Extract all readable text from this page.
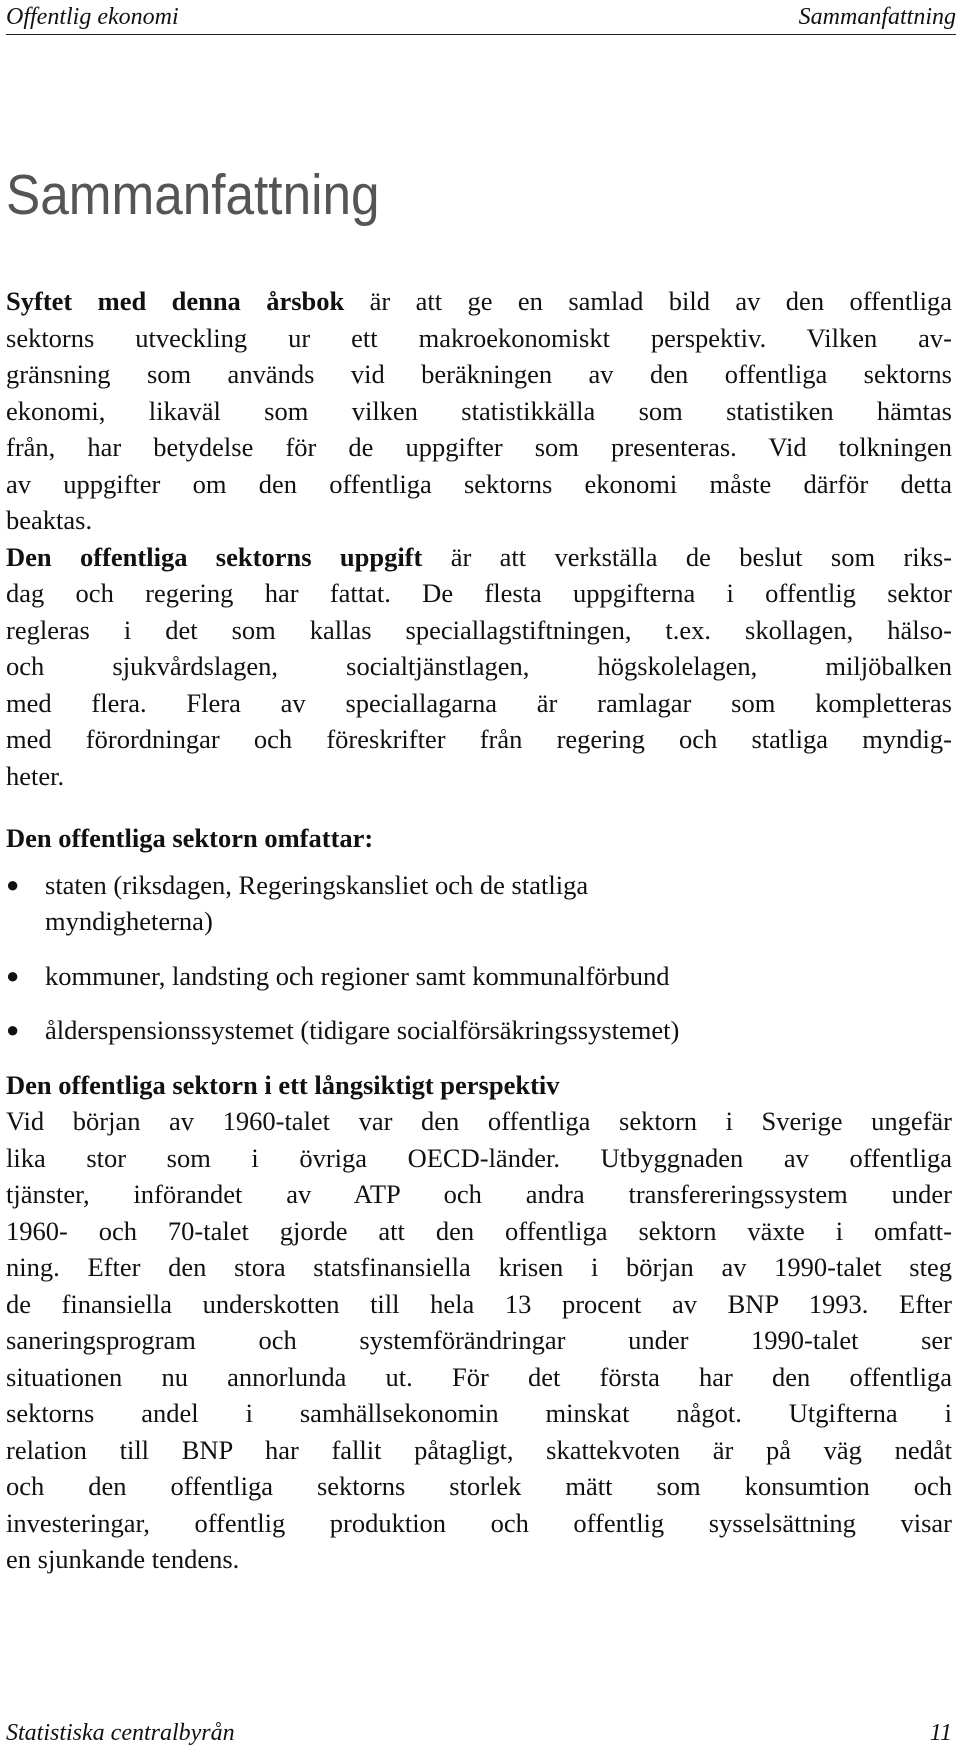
Offentlig ekonomi	Sammanfattning
Sammanfattning

Syftet med denna årsbok är att ge en samlad bild av den offentliga
sektorns utveckling ur ett makroekonomiskt perspektiv. Vilken av-
gränsning som används vid beräkningen av den offentliga sektorns
ekonomi, likaväl som vilken statistikkälla som statistiken hämtas
från, har betydelse för de uppgifter som presenteras. Vid tolkningen
av uppgifter om den offentliga sektorns ekonomi måste därför detta
beaktas.

Den offentliga sektorns uppgift är att verkställa de beslut som riks-
dag och regering har fattat. De flesta uppgifterna i offentlig sektor
regleras i det som kallas speciallagstiftningen, t.ex. skollagen, hälso-
och sjukvårdslagen, socialtjänstlagen, högskolelagen, miljöbalken
med flera. Flera av speciallagarna är ramlagar som kompletteras
med förordningar och föreskrifter från regering och statliga myndig-
heter.

Den offentliga sektorn omfattar:
● staten (riksdagen, Regeringskansliet och de statliga
myndigheterna)
● kommuner, landsting och regioner samt kommunalförbund
● ålderspensionssystemet (tidigare socialförsäkringssystemet)
Den offentliga sektorn i ett långsiktigt perspektiv

Vid början av 1960-talet var den offentliga sektorn i Sverige ungefär
lika stor som i övriga OECD-länder. Utbyggnaden av offentliga
tjänster, införandet av ATP och andra transfereringssystem under
1960- och 70-talet gjorde att den offentliga sektorn växte i omfatt-
ning. Efter den stora statsfinansiella krisen i början av 1990-talet steg
de finansiella underskotten till hela 13 procent av BNP 1993. Efter
saneringsprogram och systemförändringar under 1990-talet ser
situationen nu annorlunda ut. För det första har den offentliga
sektorns andel i samhällsekonomin minskat något. Utgifterna i
relation till BNP har fallit påtagligt, skattekvoten är på väg nedåt
och den offentliga sektorns storlek mätt som konsumtion och
investeringar, offentlig produktion och offentlig sysselsättning visar
en sjunkande tendens.

Statistiska centralbyrån	11
